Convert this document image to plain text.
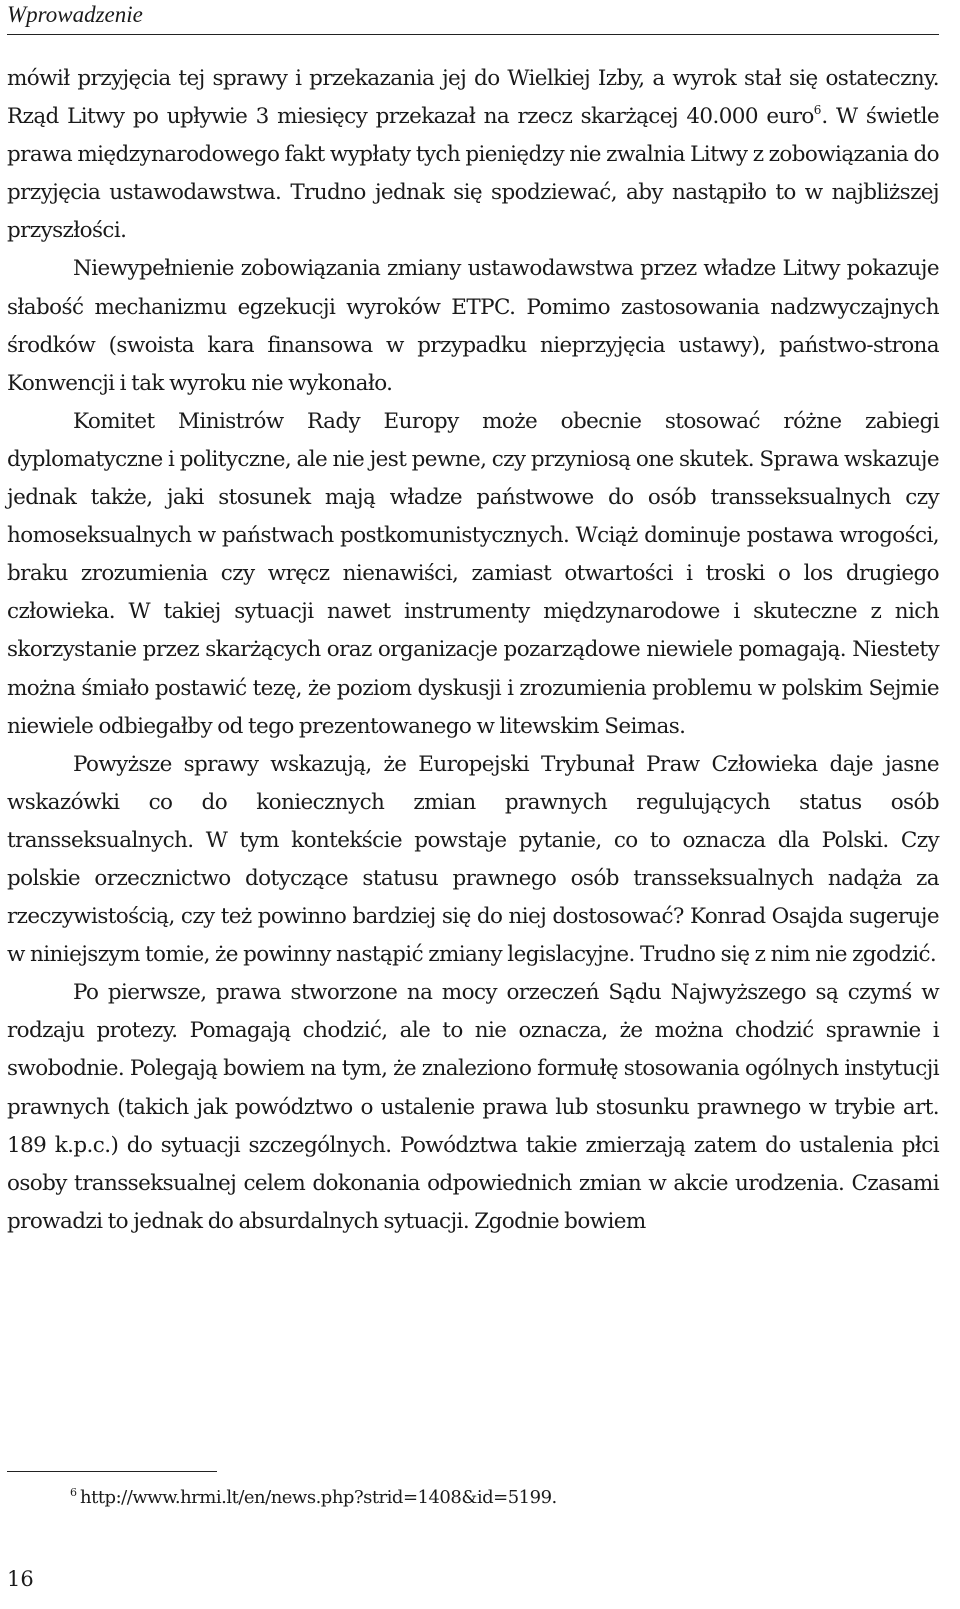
Wprowadzenie

mówił przyjęcia tej sprawy i przekazania jej do Wielkiej Izby, a wyrok stał się ostateczny. Rząd Litwy po upływie 3 miesięcy przekazał na rzecz skarżącej 40.000 euro$^6$. W świetle prawa międzynarodowego fakt wypłaty tych pieniędzy nie zwalnia Litwy z zobowiązania do przyjęcia ustawodawstwa. Trudno jednak się spodziewać, aby nastąpiło to w najbliższej przyszłości.

Niewypełnienie zobowiązania zmiany ustawodawstwa przez władze Litwy pokazuje słabość mechanizmu egzekucji wyroków ETPC. Pomimo zastosowania nadzwyczajnych środków (swoista kara finansowa w przypadku nieprzyjęcia ustawy), państwo-strona Konwencji i tak wyroku nie wykonało.

Komitet Ministrów Rady Europy może obecnie stosować różne zabiegi dyplomatyczne i polityczne, ale nie jest pewne, czy przyniosą one skutek. Sprawa wskazuje jednak także, jaki stosunek mają władze państwowe do osób transseksualnych czy homoseksualnych w państwach postkomunistycznych. Wciąż dominuje postawa wrogości, braku zrozumienia czy wręcz nienawiści, zamiast otwartości i troski o los drugiego człowieka. W takiej sytuacji nawet instrumenty międzynarodowe i skuteczne z nich skorzystanie przez skarżących oraz organizacje pozarządowe niewiele pomagają. Niestety można śmiało postawić tezę, że poziom dyskusji i zrozumienia problemu w polskim Sejmie niewiele odbiegałby od tego prezentowanego w litewskim Seimas.

Powyższe sprawy wskazują, że Europejski Trybunał Praw Człowieka daje jasne wskazówki co do koniecznych zmian prawnych regulujących status osób transseksualnych. W tym kontekście powstaje pytanie, co to oznacza dla Polski. Czy polskie orzecznictwo dotyczące statusu prawnego osób transseksualnych nadąża za rzeczywistością, czy też powinno bardziej się do niej dostosować? Konrad Osajda sugeruje w niniejszym tomie, że powinny nastąpić zmiany legislacyjne. Trudno się z nim nie zgodzić.

Po pierwsze, prawa stworzone na mocy orzeczeń Sądu Najwyższego są czymś w rodzaju protezy. Pomagają chodzić, ale to nie oznacza, że można chodzić sprawnie i swobodnie. Polegają bowiem na tym, że znaleziono formułę stosowania ogólnych instytucji prawnych (takich jak powództwo o ustalenie prawa lub stosunku prawnego w trybie art. 189 k.p.c.) do sytuacji szczególnych. Powództwa takie zmierzają zatem do ustalenia płci osoby transseksualnej celem dokonania odpowiednich zmian w akcie urodzenia. Czasami prowadzi to jednak do absurdalnych sytuacji. Zgodnie bowiem

$^6$ http://www.hrmi.lt/en/news.php?strid=1408&id=5199.
16
